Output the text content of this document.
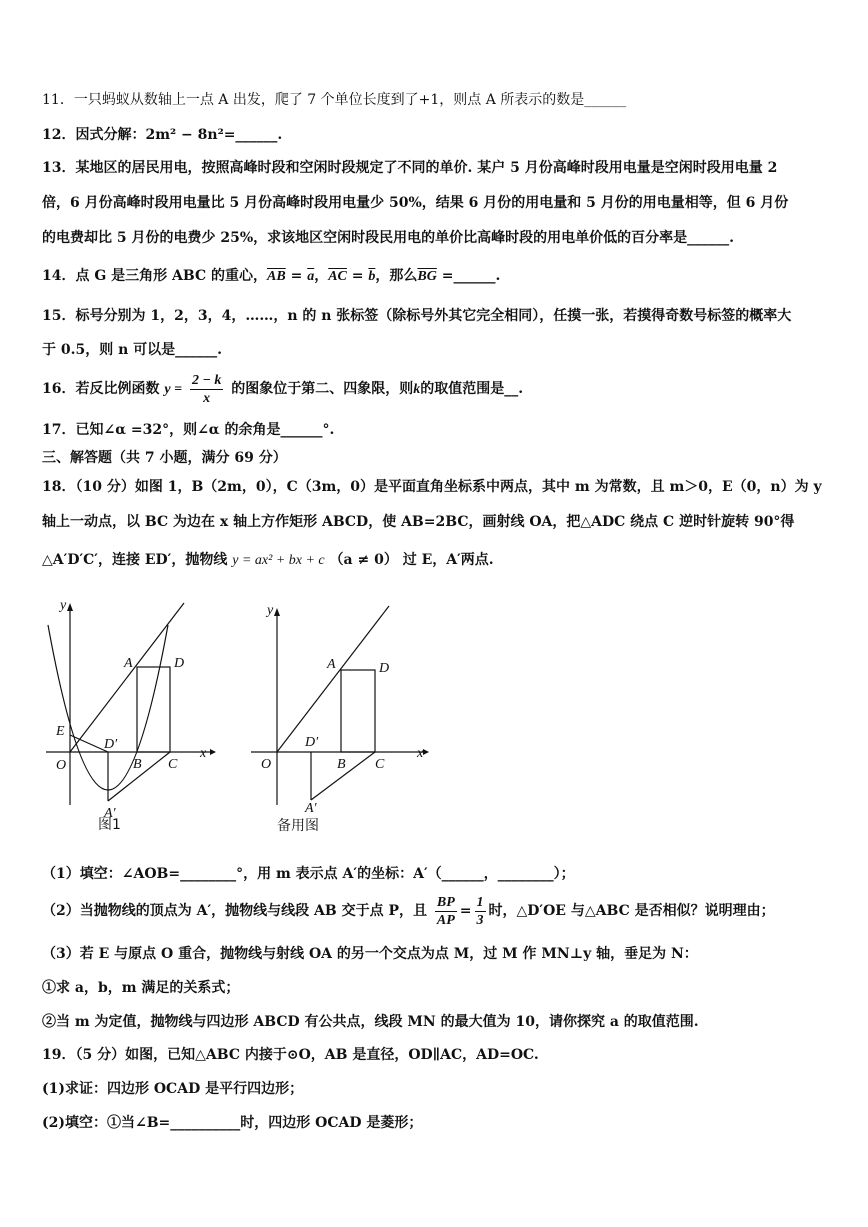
11．一只蚂蚁从数轴上一点 A 出发，爬了 7 个单位长度到了+1，则点 A 所表示的数是______
12．因式分解：2m² − 8n²=______.
13．某地区的居民用电，按照高峰时段和空闲时段规定了不同的单价. 某户 5 月份高峰时段用电量是空闲时段用电量 2
倍，6 月份高峰时段用电量比 5 月份高峰时段用电量少 50%，结果 6 月份的用电量和 5 月份的用电量相等，但 6 月份
的电费却比 5 月份的电费少 25%，求该地区空闲时段民用电的单价比高峰时段的用电单价低的百分率是______.
14．点 G 是三角形 ABC 的重心，$\overline{AB} = \overline{a}$，$\overline{AC} = \overline{b}$，那么$\overline{BG}$ =______.
15．标号分别为 1，2，3，4，……，n 的 n 张标签（除标号外其它完全相同），任摸一张，若摸得奇数号标签的概率大
于 0.5，则 n 可以是______.
16．若反比例函数 $y = \frac{2 - k}{x}$ 的图象位于第二、四象限，则k的取值范围是__.
17．已知∠α =32°，则∠α 的余角是______°.
三、解答题（共 7 小题，满分 69 分）
18．（10 分）如图 1，B（2m，0），C（3m，0）是平面直角坐标系中两点，其中 m 为常数，且 m＞0，E（0，n）为 y
轴上一动点，以 BC 为边在 x 轴上方作矩形 ABCD，使 AB=2BC，画射线 OA，把△ADC 绕点 C 逆时针旋转 90°得
△A′D′C′，连接 ED′，抛物线 y = ax² + bx + c （a ≠ 0） 过 E，A′两点.
y
x
O
A	D
E
D′
B C
A′
图1
y
x
O
A	D
D′
B C
A′
备用图
（1）填空：∠AOB=________°，用 m 表示点 A′的坐标：A′（______，________）；
（2）当抛物线的顶点为 A′，抛物线与线段 AB 交于点 P，且 $\frac{BP}{AP} = \frac{1}{3}$ 时，△D′OE 与△ABC 是否相似？说明理由；
（3）若 E 与原点 O 重合，抛物线与射线 OA 的另一个交点为点 M，过 M 作 MN⊥y 轴，垂足为 N：
①求 a，b，m 满足的关系式；
②当 m 为定值，抛物线与四边形 ABCD 有公共点，线段 MN 的最大值为 10，请你探究 a 的取值范围.
19．（5 分）如图，已知△ABC 内接于⊙O，AB 是直径，OD∥AC，AD=OC.
(1)求证：四边形 OCAD 是平行四边形；
(2)填空：①当∠B=__________时，四边形 OCAD 是菱形；
